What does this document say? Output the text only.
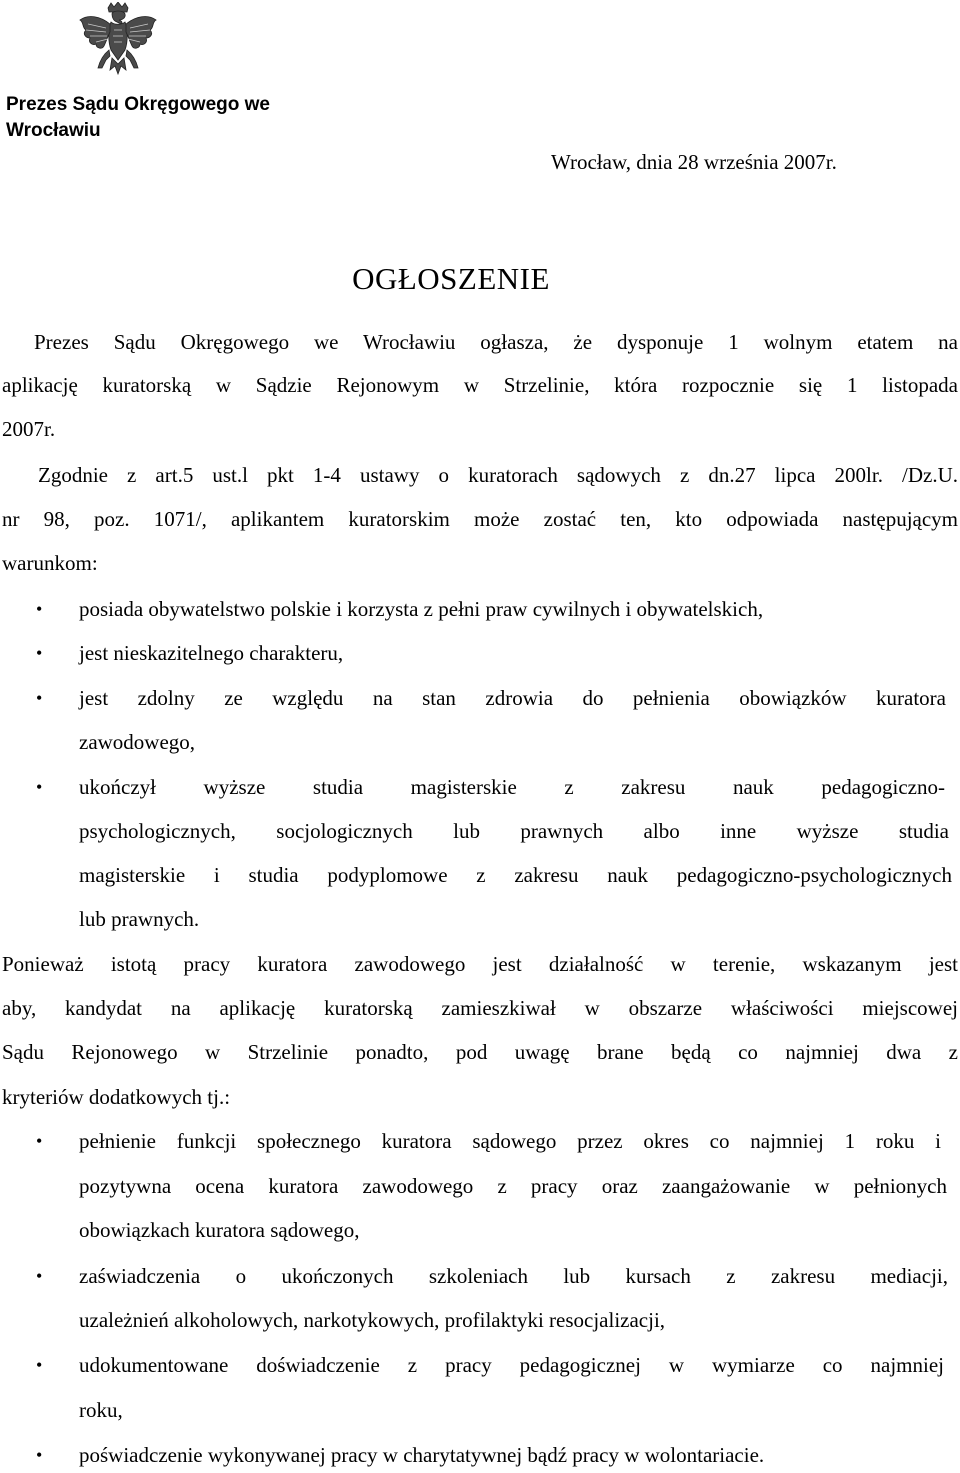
Prezes Sądu Okręgowego we
Wrocławiu
Wrocław, dnia 28 września 2007r.
OGŁOSZENIE
Prezes Sądu Okręgowego we Wrocławiu ogłasza, że dysponuje 1 wolnym etatem na
aplikację kuratorską w Sądzie Rejonowym w Strzelinie, która rozpocznie się 1 listopada
2007r.
Zgodnie z art.5 ust.l pkt 1-4 ustawy o kuratorach sądowych z dn.27 lipca 200lr. /Dz.U.
nr 98, poz. 1071/, aplikantem kuratorskim może zostać ten, kto odpowiada następującym
warunkom:
• posiada obywatelstwo polskie i korzysta z pełni praw cywilnych i obywatelskich,
• jest nieskazitelnego charakteru,
• jest zdolny ze względu na stan zdrowia do pełnienia obowiązków kuratora
zawodowego,
• ukończył wyższe studia magisterskie z zakresu nauk pedagogiczno-
psychologicznych, socjologicznych lub prawnych albo inne wyższe studia
magisterskie i studia podyplomowe z zakresu nauk pedagogiczno-psychologicznych
lub prawnych.
Ponieważ istotą pracy kuratora zawodowego jest działalność w terenie, wskazanym jest
aby, kandydat na aplikację kuratorską zamieszkiwał w obszarze właściwości miejscowej
Sądu Rejonowego w Strzelinie ponadto, pod uwagę brane będą co najmniej dwa z
kryteriów dodatkowych tj.:
• pełnienie funkcji społecznego kuratora sądowego przez okres co najmniej 1 roku i
pozytywna ocena kuratora zawodowego z pracy oraz zaangażowanie w pełnionych
obowiązkach kuratora sądowego,
• zaświadczenia o ukończonych szkoleniach lub kursach z zakresu mediacji,
uzależnień alkoholowych, narkotykowych, profilaktyki resocjalizacji,
• udokumentowane doświadczenie z pracy pedagogicznej w wymiarze co najmniej
roku,
• poświadczenie wykonywanej pracy w charytatywnej bądź pracy w wolontariacie.
